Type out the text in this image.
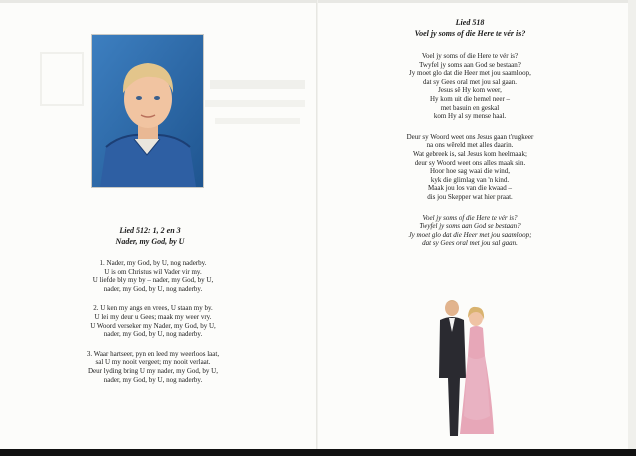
Lied 512: 1, 2 en 3
Nader, my God, by U
1. Nader, my God, by U, nog naderby.
U is om Christus wil Vader vir my.
U liefde bly my by – nader, my God, by U,
nader, my God, by U, nog naderby.
2. U ken my angs en vrees, U staan my by.
U lei my deur u Gees; maak my weer vry.
U Woord verseker my Nader, my God, by U,
nader, my God, by U, nog naderby.
3. Waar hartseer, pyn en leed my weerloos laat,
sal U my nooit vergeet; my nooit verlaat.
Deur lyding bring U my nader, my God, by U,
nader, my God, by U, nog naderby.
Lied 518
Voel jy soms of die Here te vér is?
Voel jy soms of die Here te vér is?
Twyfel jy soms aan God se bestaan?
Jy moet glo dat die Heer met jou saamloop,
dat sy Gees oral met jou sal gaan.
Jesus sê Hy kom weer,
Hy kom uit die hemel neer –
met basuin en geskal
kom Hy al sy mense haal.
Deur sy Woord weet ons Jesus gaan t'rugkeer
na ons wêreld met alles daarin.
Wat gebreek is, sal Jesus kom heelmaak;
deur sy Woord weet ons alles maak sin.
Hoor hoe sag waai die wind,
kyk die glimlag van 'n kind.
Maak jou los van die kwaad –
dis jou Skepper wat hier praat.
Voel jy soms of die Here te vér is?
Twyfel jy soms aan God se bestaan?
Jy moet glo dat die Heer met jou saamloop;
dat sy Gees oral met jou sal gaan.
